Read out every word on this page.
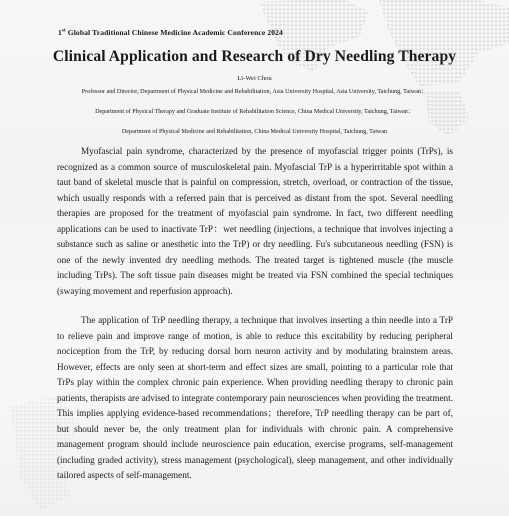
1st Global Traditional Chinese Medicine Academic Conference 2024
Clinical Application and Research of Dry Needling Therapy
Li-Wei Chou
Professor and Director, Department of Physical Medicine and Rehabilitation, Asia University Hospital, Asia University, Taichung, Taiwan；
Department of Physical Therapy and Graduate Institute of Rehabilitation Science, China Medical University, Taichung, Taiwan；
Department of Physical Medicine and Rehabilitation, China Medical University Hospital, Taichung, Taiwan

Myofascial pain syndrome, characterized by the presence of myofascial trigger points (TrPs), is recognized as a common source of musculoskeletal pain. Myofascial TrP is a hyperirritable spot within a taut band of skeletal muscle that is painful on compression, stretch, overload, or contraction of the tissue, which usually responds with a referred pain that is perceived as distant from the spot. Several needling therapies are proposed for the treatment of myofascial pain syndrome. In fact, two different needling applications can be used to inactivate TrP：wet needling (injections, a technique that involves injecting a substance such as saline or anesthetic into the TrP) or dry needling. Fu's subcutaneous needling (FSN) is one of the newly invented dry needling methods. The treated target is tightened muscle (the muscle including TrPs). The soft tissue pain diseases might be treated via FSN combined the special techniques (swaying movement and reperfusion approach).

The application of TrP needling therapy, a technique that involves inserting a thin needle into a TrP to relieve pain and improve range of motion, is able to reduce this excitability by reducing peripheral nociception from the TrP, by reducing dorsal horn neuron activity and by modulating brainstem areas. However, effects are only seen at short-term and effect sizes are small, pointing to a particular role that TrPs play within the complex chronic pain experience. When providing needling therapy to chronic pain patients, therapists are advised to integrate contemporary pain neurosciences when providing the treatment. This implies applying evidence-based recommendations；therefore, TrP needling therapy can be part of, but should never be, the only treatment plan for individuals with chronic pain. A comprehensive management program should include neuroscience pain education, exercise programs, self-management (including graded activity), stress management (psychological), sleep management, and other individually tailored aspects of self-management.
